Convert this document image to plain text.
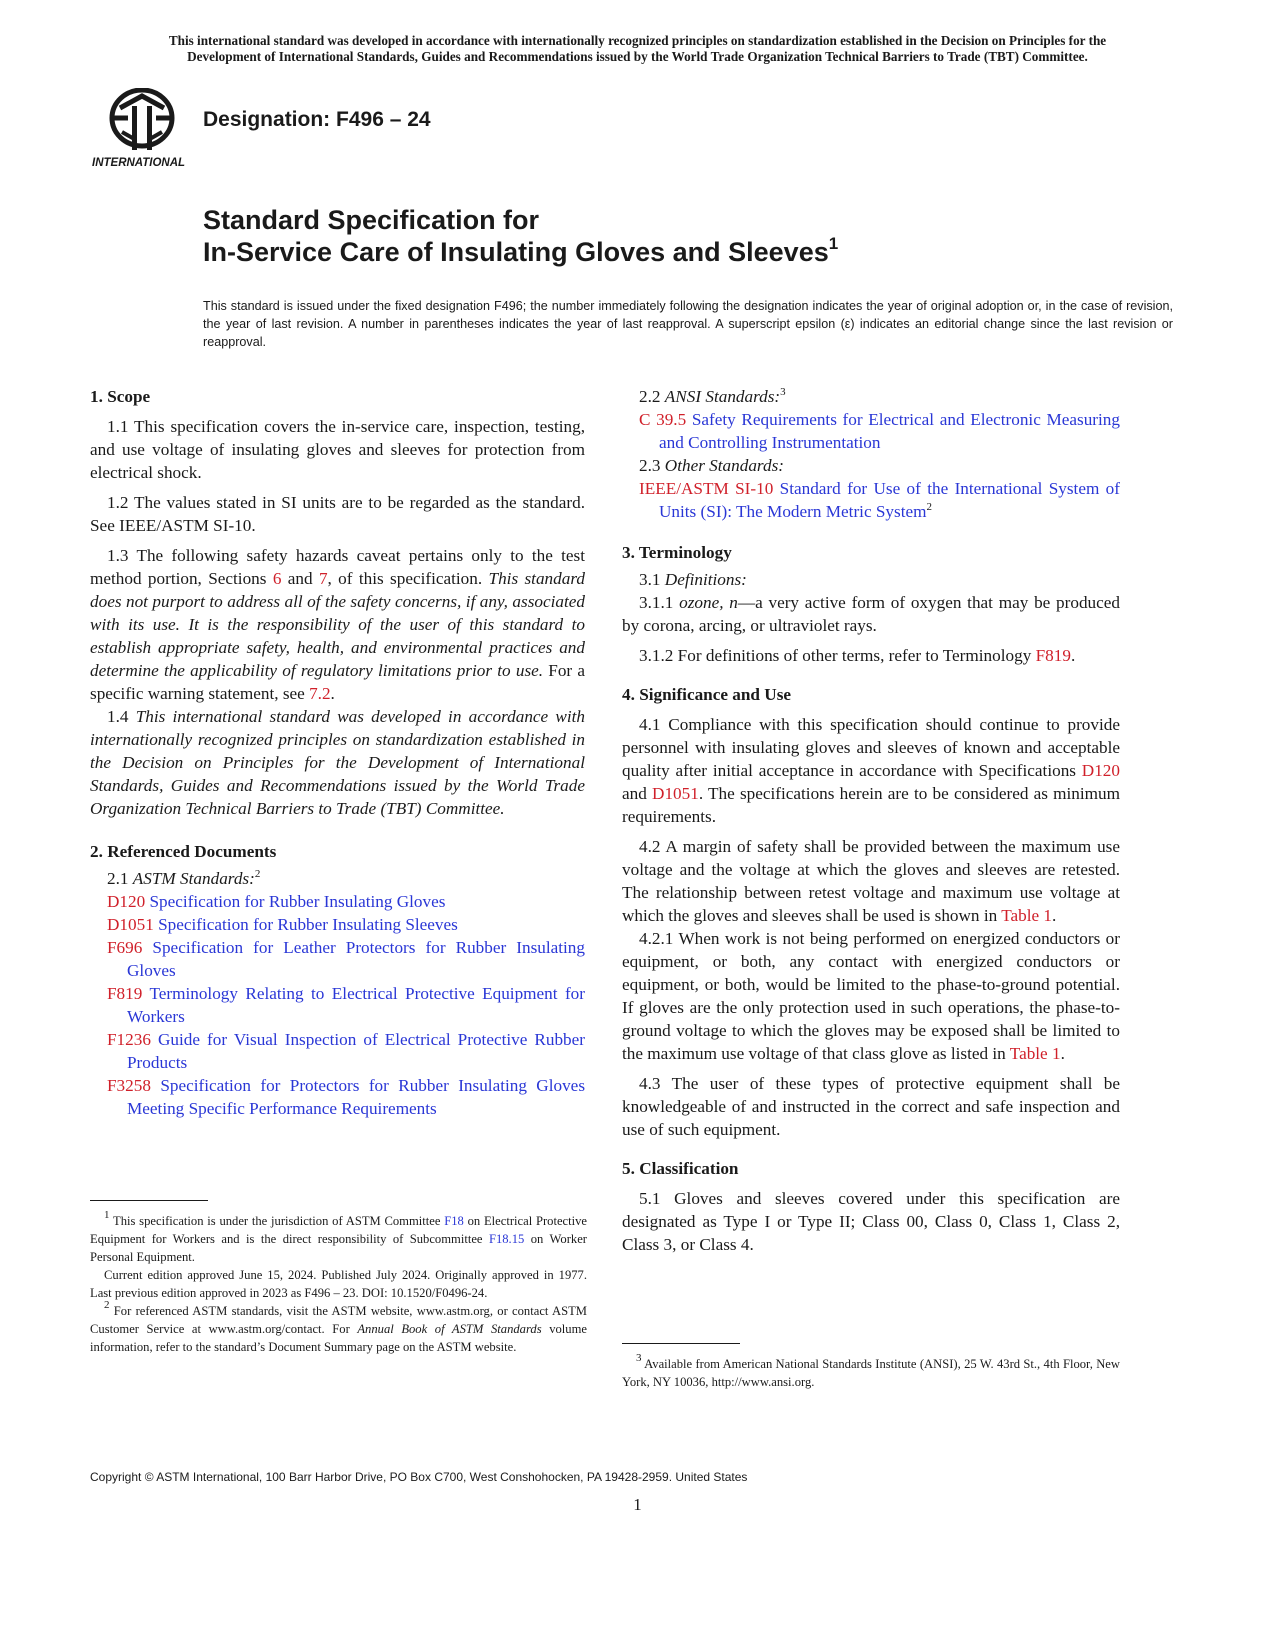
This international standard was developed in accordance with internationally recognized principles on standardization established in the Decision on Principles for the
Development of International Standards, Guides and Recommendations issued by the World Trade Organization Technical Barriers to Trade (TBT) Committee.
INTERNATIONAL
Designation: F496 – 24
Standard Specification for
In-Service Care of Insulating Gloves and Sleeves$^1$
This standard is issued under the fixed designation F496; the number immediately following the designation indicates the year of original adoption or, in the case of revision, the year of last revision. A number in parentheses indicates the year of last reapproval. A superscript epsilon (ε) indicates an editorial change since the last revision or reapproval.

1. Scope

1.1 This specification covers the in-service care, inspection, testing, and use voltage of insulating gloves and sleeves for protection from electrical shock.

1.2 The values stated in SI units are to be regarded as the standard. See IEEE/ASTM SI-10.

1.3 The following safety hazards caveat pertains only to the test method portion, Sections 6 and 7, of this specification. This standard does not purport to address all of the safety concerns, if any, associated with its use. It is the responsibility of the user of this standard to establish appropriate safety, health, and environmental practices and determine the applicability of regulatory limitations prior to use. For a specific warning statement, see 7.2.

1.4 This international standard was developed in accordance with internationally recognized principles on standardization established in the Decision on Principles for the Development of International Standards, Guides and Recommendations issued by the World Trade Organization Technical Barriers to Trade (TBT) Committee.

2. Referenced Documents

2.1 ASTM Standards:$^2$

D120 Specification for Rubber Insulating Gloves

D1051 Specification for Rubber Insulating Sleeves

F696 Specification for Leather Protectors for Rubber Insulating Gloves

F819 Terminology Relating to Electrical Protective Equipment for Workers

F1236 Guide for Visual Inspection of Electrical Protective Rubber Products

F3258 Specification for Protectors for Rubber Insulating Gloves Meeting Specific Performance Requirements

$^1$ This specification is under the jurisdiction of ASTM Committee F18 on Electrical Protective Equipment for Workers and is the direct responsibility of Subcommittee F18.15 on Worker Personal Equipment.

Current edition approved June 15, 2024. Published July 2024. Originally approved in 1977. Last previous edition approved in 2023 as F496 – 23. DOI: 10.1520/F0496-24.

$^2$ For referenced ASTM standards, visit the ASTM website, www.astm.org, or contact ASTM Customer Service at www.astm.org/contact. For Annual Book of ASTM Standards volume information, refer to the standard’s Document Summary page on the ASTM website.

2.2 ANSI Standards:$^3$

C 39.5 Safety Requirements for Electrical and Electronic Measuring and Controlling Instrumentation

2.3 Other Standards:

IEEE/ASTM SI-10 Standard for Use of the International System of Units (SI): The Modern Metric System$^2$

3. Terminology

3.1 Definitions:

3.1.1 ozone, n—a very active form of oxygen that may be produced by corona, arcing, or ultraviolet rays.

3.1.2 For definitions of other terms, refer to Terminology F819.

4. Significance and Use

4.1 Compliance with this specification should continue to provide personnel with insulating gloves and sleeves of known and acceptable quality after initial acceptance in accordance with Specifications D120 and D1051. The specifications herein are to be considered as minimum requirements.

4.2 A margin of safety shall be provided between the maximum use voltage and the voltage at which the gloves and sleeves are retested. The relationship between retest voltage and maximum use voltage at which the gloves and sleeves shall be used is shown in Table 1.

4.2.1 When work is not being performed on energized conductors or equipment, or both, any contact with energized conductors or equipment, or both, would be limited to the phase-to-ground potential. If gloves are the only protection used in such operations, the phase-to-ground voltage to which the gloves may be exposed shall be limited to the maximum use voltage of that class glove as listed in Table 1.

4.3 The user of these types of protective equipment shall be knowledgeable of and instructed in the correct and safe inspection and use of such equipment.

5. Classification

5.1 Gloves and sleeves covered under this specification are designated as Type I or Type II; Class 00, Class 0, Class 1, Class 2, Class 3, or Class 4.

$^3$ Available from American National Standards Institute (ANSI), 25 W. 43rd St., 4th Floor, New York, NY 10036, http://www.ansi.org.

Copyright © ASTM International, 100 Barr Harbor Drive, PO Box C700, West Conshohocken, PA 19428-2959. United States
1
